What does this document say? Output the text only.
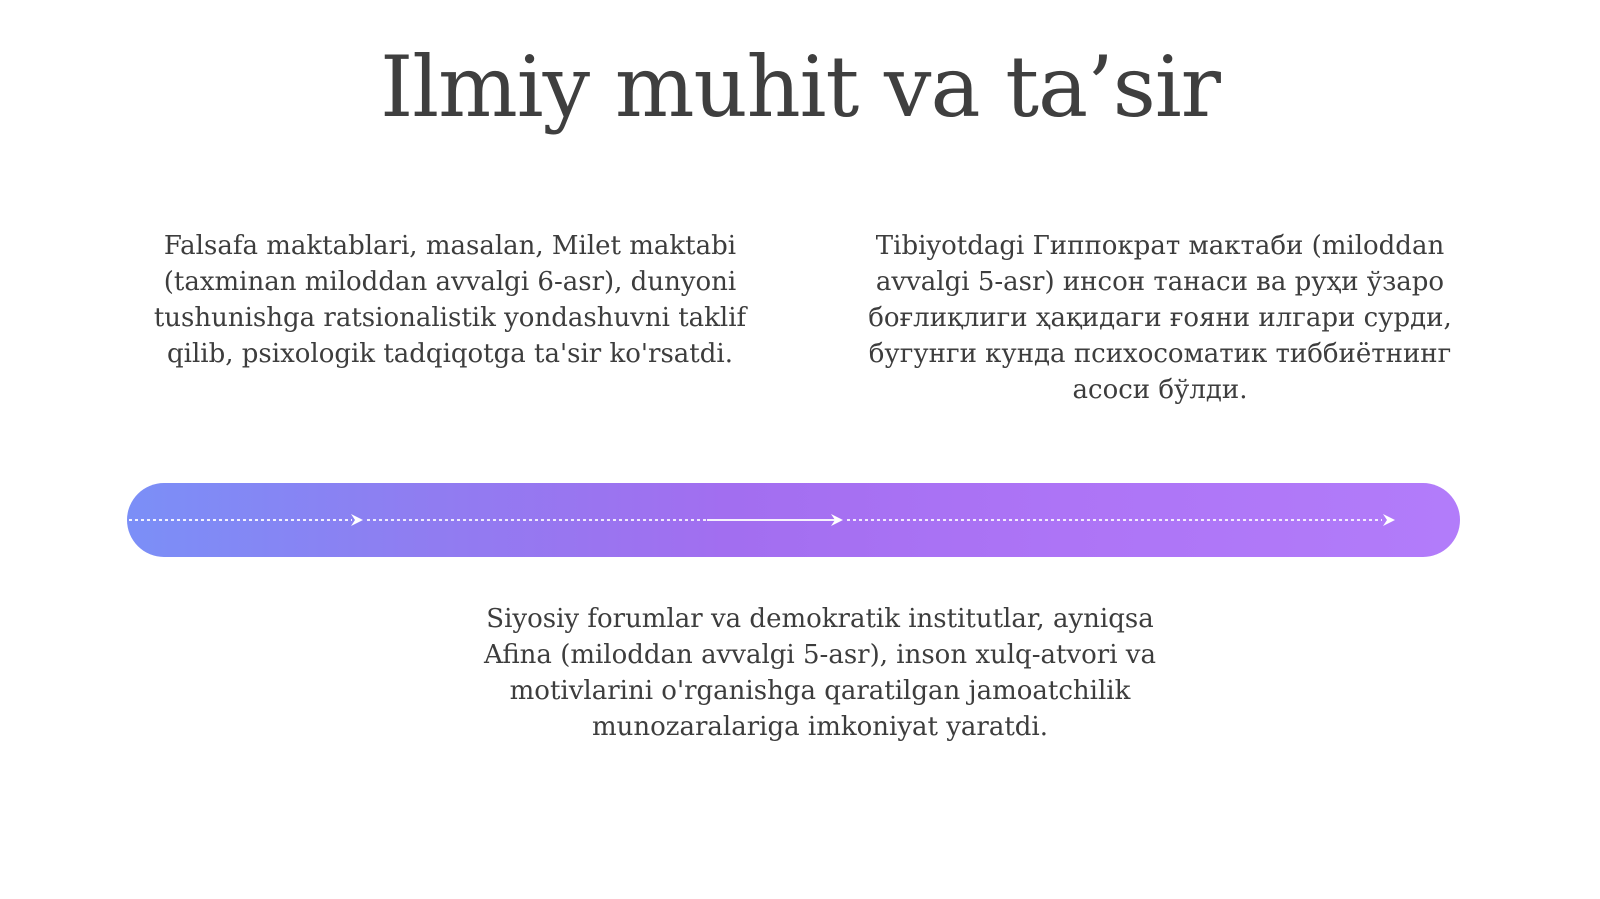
Ilmiy muhit va ta’sir
Falsafa maktablari, masalan, Milet maktabi (taxminan miloddan avvalgi 6-asr), dunyoni tushunishga ratsionalistik yondashuvni taklif qilib, psixologik tadqiqotga ta'sir ko'rsatdi.
Tibiyotdagi Гиппократ мактаби (miloddan avvalgi 5-asr) инсон танаси ва руҳи ўзаро боғлиқлиги ҳақидаги ғояни илгари сурди, бугунги кунда психосоматик тиббиётнинг асоси бўлди.
Siyosiy forumlar va demokratik institutlar, ayniqsa Afina (miloddan avvalgi 5-asr), inson xulq-atvori va motivlarini o'rganishga qaratilgan jamoatchilik munozaralariga imkoniyat yaratdi.
